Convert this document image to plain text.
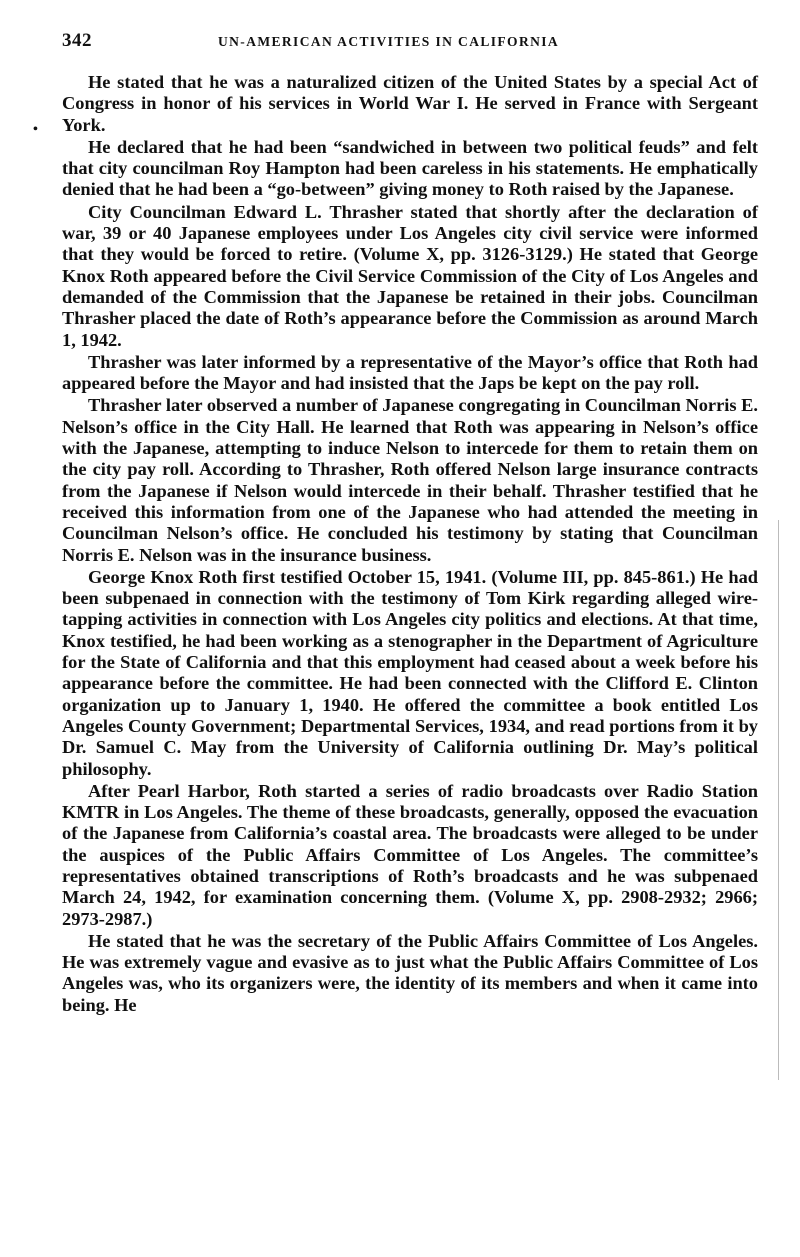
342	UN-AMERICAN ACTIVITIES IN CALIFORNIA
•

He stated that he was a naturalized citizen of the United States by a special Act of Congress in honor of his services in World War I. He served in France with Sergeant York.

He declared that he had been “sandwiched in between two political feuds” and felt that city councilman Roy Hampton had been careless in his statements. He emphatically denied that he had been a “go-between” giving money to Roth raised by the Japanese.

City Councilman Edward L. Thrasher stated that shortly after the declaration of war, 39 or 40 Japanese employees under Los Angeles city civil service were informed that they would be forced to retire. (Volume X, pp. 3126-3129.) He stated that George Knox Roth appeared before the Civil Service Commission of the City of Los Angeles and demanded of the Commission that the Japanese be retained in their jobs. Councilman Thrasher placed the date of Roth’s appearance before the Commission as around March 1, 1942.

Thrasher was later informed by a representative of the Mayor’s office that Roth had appeared before the Mayor and had insisted that the Japs be kept on the pay roll.

Thrasher later observed a number of Japanese congregating in Councilman Norris E. Nelson’s office in the City Hall. He learned that Roth was appearing in Nelson’s office with the Japanese, attempting to induce Nelson to intercede for them to retain them on the city pay roll. According to Thrasher, Roth offered Nelson large insurance contracts from the Japanese if Nelson would intercede in their behalf. Thrasher testified that he received this information from one of the Japanese who had attended the meeting in Councilman Nelson’s office. He concluded his testimony by stating that Councilman Norris E. Nelson was in the insurance business.

George Knox Roth first testified October 15, 1941. (Volume III, pp. 845-861.) He had been subpenaed in connection with the testimony of Tom Kirk regarding alleged wire-tapping activities in connection with Los Angeles city politics and elections. At that time, Knox testified, he had been working as a stenographer in the Department of Agriculture for the State of California and that this employment had ceased about a week before his appearance before the committee. He had been connected with the Clifford E. Clinton organization up to January 1, 1940. He offered the committee a book entitled Los Angeles County Government; Departmental Services, 1934, and read portions from it by Dr. Samuel C. May from the University of California outlining Dr. May’s political philosophy.

After Pearl Harbor, Roth started a series of radio broadcasts over Radio Station KMTR in Los Angeles. The theme of these broadcasts, generally, opposed the evacuation of the Japanese from California’s coastal area. The broadcasts were alleged to be under the auspices of the Public Affairs Committee of Los Angeles. The committee’s representatives obtained transcriptions of Roth’s broadcasts and he was subpenaed March 24, 1942, for examination concerning them. (Volume X, pp. 2908-2932; 2966; 2973-2987.)

He stated that he was the secretary of the Public Affairs Committee of Los Angeles. He was extremely vague and evasive as to just what the Public Affairs Committee of Los Angeles was, who its organizers were, the identity of its members and when it came into being. He
